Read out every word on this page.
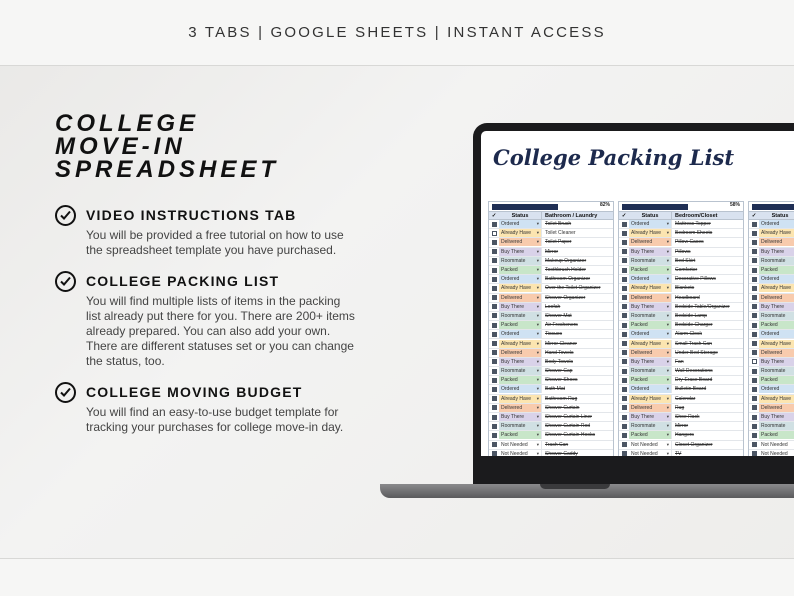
3 TABS | GOOGLE SHEETS | INSTANT ACCESS
COLLEGE
MOVE-IN
SPREADSHEET
VIDEO INSTRUCTIONS TAB
You will be provided a free tutorial on how to use the spreadsheet template you have purchased.
COLLEGE PACKING LIST
You will find multiple lists of items in the packing list already put there for you. There are 200+ items already prepared. You can also add your own. There are different statuses set or you can change the status, too.
COLLEGE MOVING BUDGET
You will find an easy-to-use budget template for tracking your purchases for college move-in day.
College Packing List
82%
✓	Status	Bathroom / Laundry
Ordered ▾	Toilet Brush
Already Have ▾	Toilet Cleaner
Delivered ▾	Toilet Paper
Buy There ▾	Mirror
Roommate ▾	Makeup Organizer
Packed ▾	Toothbrush Holder
Ordered ▾	Bathroom Organizer
Already Have ▾	Over the Toilet Organizer
Delivered ▾	Shower Organizer
Buy There ▾	Loofah
Roommate ▾	Shower Mat
Packed ▾	Air Fresheners
Ordered ▾	Tissues
Already Have ▾	Mirror Cleaner
Delivered ▾	Hand Towels
Buy There ▾	Body Towels
Roommate ▾	Shower Cap
Packed ▾	Shower Shoes
Ordered ▾	Bath Mat
Already Have ▾	Bathroom Rug
Delivered ▾	Shower Curtain
Buy There ▾	Shower Curtain Liner
Roommate ▾	Shower Curtain Rod
Packed ▾	Shower Curtain Hooks
Not Needed ▾	Trash Can
Not Needed ▾	Shower Caddy
58%
✓	Status	Bedroom/Closet
Ordered ▾	Mattress Topper
Already Have ▾	Bedroom Sheets
Delivered ▾	Pillow Cases
Buy There ▾	Pillows
Roommate ▾	Bed Skirt
Packed ▾	Comforter
Ordered ▾	Decorative Pillows
Already Have ▾	Blankets
Delivered ▾	Headboard
Buy There ▾	Bedside Table/Organizer
Roommate ▾	Bedside Lamp
Packed ▾	Bedside Charger
Ordered ▾	Alarm Clock
Already Have ▾	Small Trash Can
Delivered ▾	Under Bed Storage
Buy There ▾	Fan
Roommate ▾	Wall Decorations
Packed ▾	Dry-Erase Board
Ordered ▾	Bulletin Board
Already Have ▾	Calendar
Delivered ▾	Rug
Buy There ▾	Shoe Rack
Roommate ▾	Mirror
Packed ▾	Hangers
Not Needed ▾	Closet Organizer
Not Needed ▾	TV
✓	Status
Ordered ▾
Already Have ▾
Delivered ▾
Buy There ▾
Roommate ▾
Packed ▾
Ordered ▾
Already Have ▾
Delivered ▾
Buy There ▾
Roommate ▾
Packed ▾
Ordered ▾
Already Have ▾
Delivered ▾
Buy There ▾
Roommate ▾
Packed ▾
Ordered ▾
Already Have ▾
Delivered ▾
Buy There ▾
Roommate ▾
Packed ▾
Not Needed ▾
Not Needed ▾
